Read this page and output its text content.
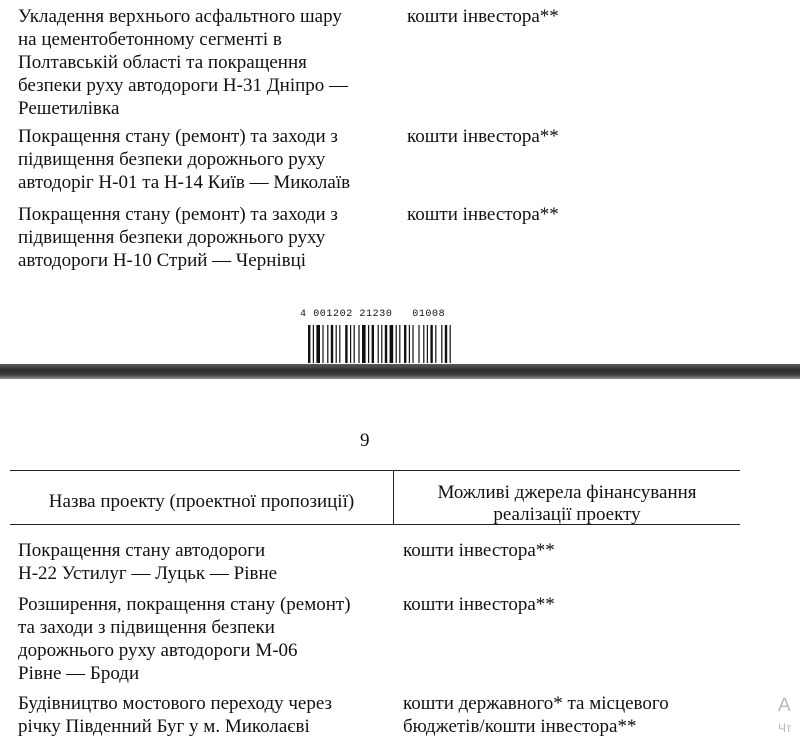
Укладення верхнього асфальтного шару
на цементобетонному сегменті в
Полтавській області та покращення
безпеки руху автодороги Н-31 Дніпро —
Решетилівка
кошти інвестора**
Покращення стану (ремонт) та заходи з
підвищення безпеки дорожнього руху
автодоріг Н-01 та Н-14 Київ — Миколаїв
кошти інвестора**
Покращення стану (ремонт) та заходи з
підвищення безпеки дорожнього руху
автодороги Н-10 Стрий — Чернівці
кошти інвестора**
4 001202 21230   01008
9
Назва проекту (проектної пропозиції)	Можливі джерела фінансування
реалізації проекту
Покращення стану автодороги
Н-22 Устилуг — Луцьк — Рівне
кошти інвестора**
Розширення, покращення стану (ремонт)
та заходи з підвищення безпеки
дорожнього руху автодороги М-06
Рівне — Броди
кошти інвестора**
Будівництво мостового переходу через
річку Південний Буг у м. Миколаєві
кошти державного* та місцевого
бюджетів/кошти інвестора**
А
Чт
